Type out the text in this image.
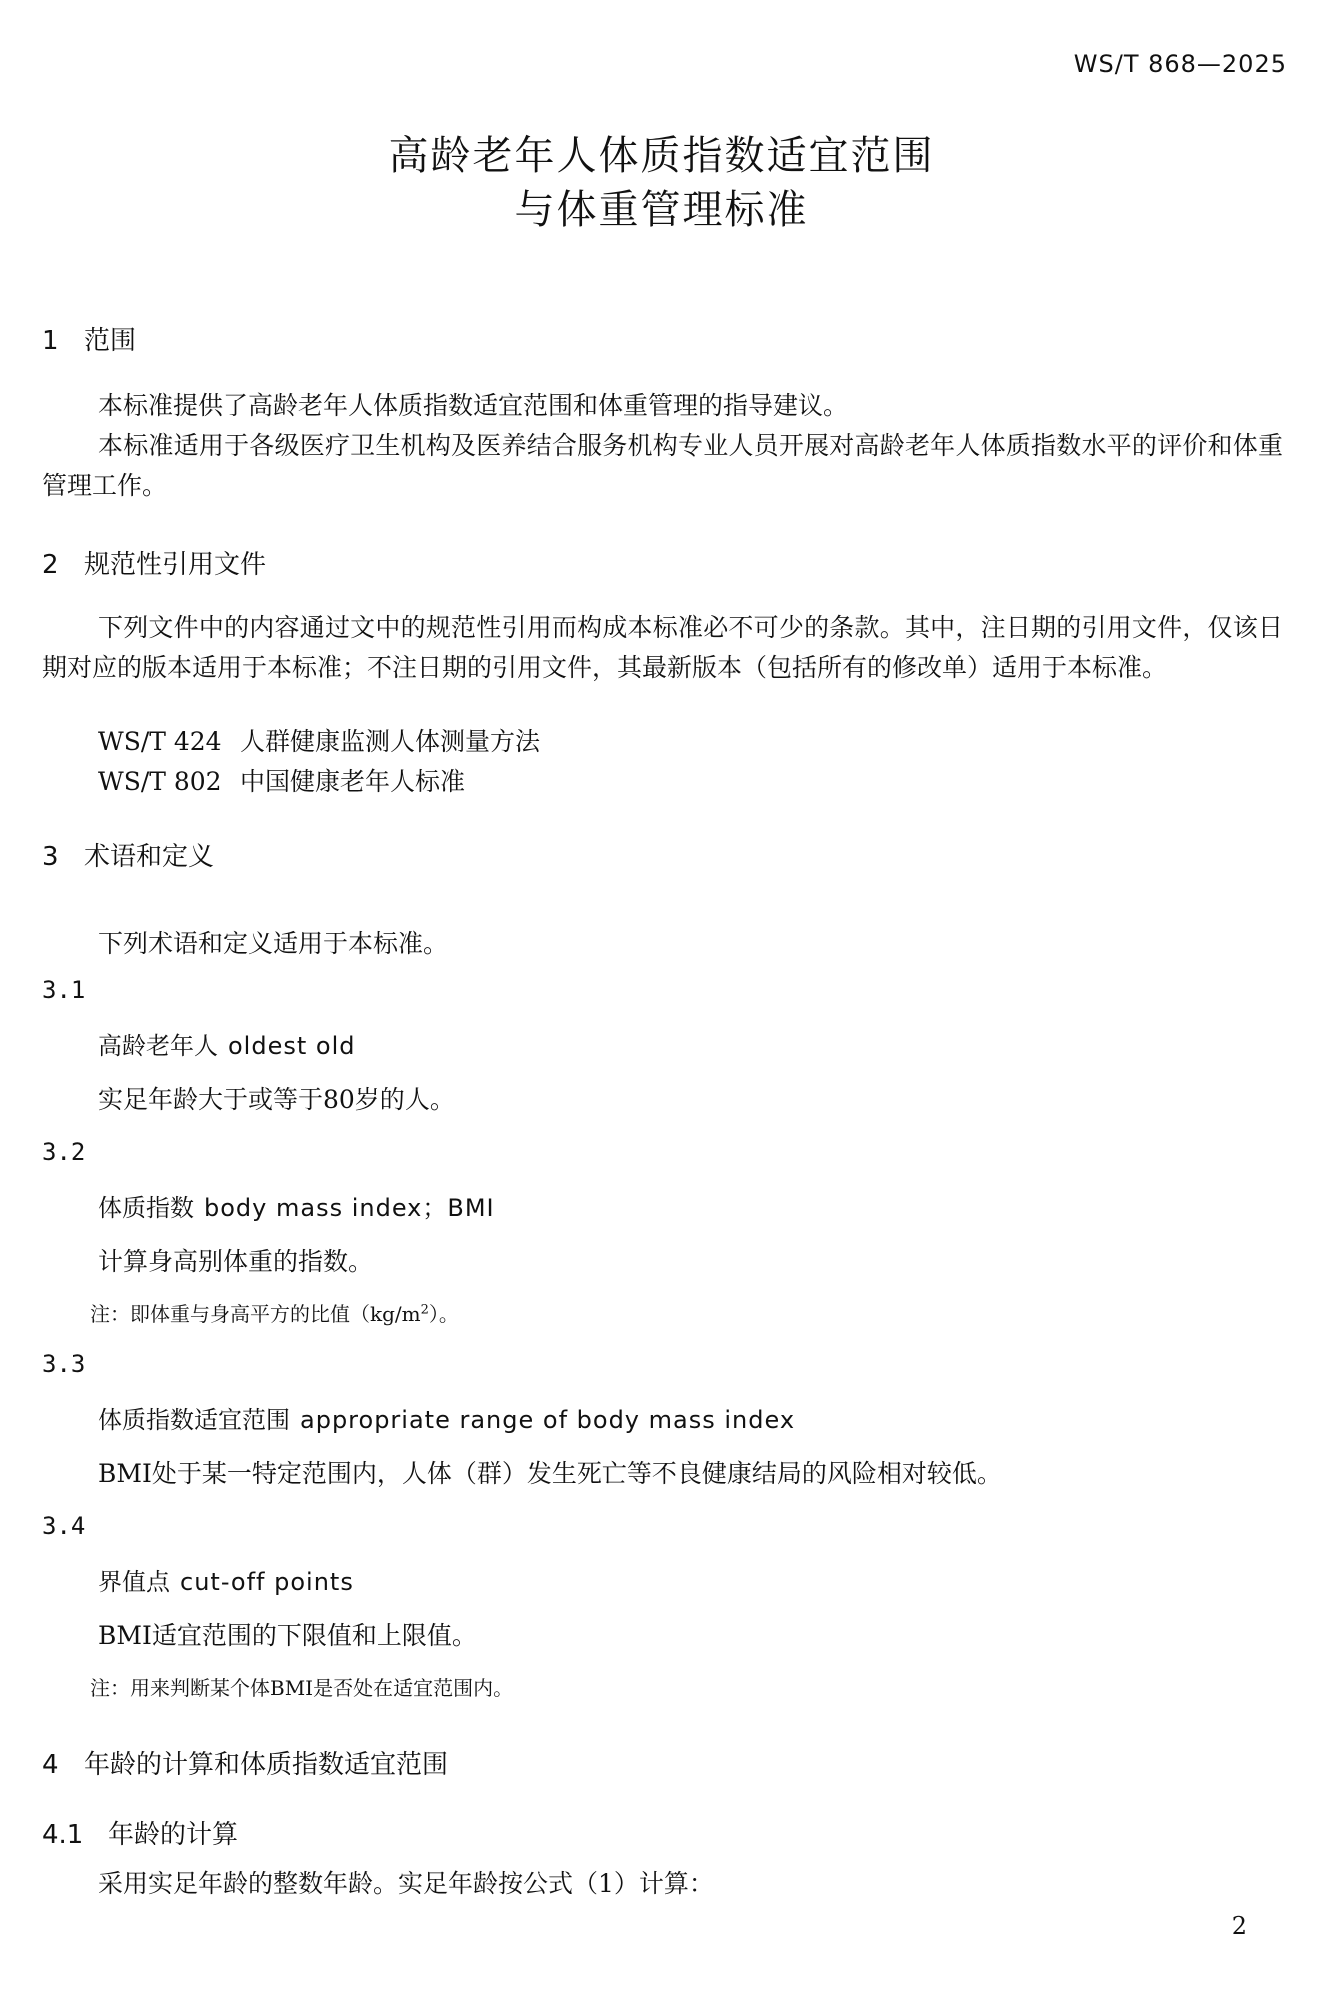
WS/T 868—2025
高龄老年人体质指数适宜范围
与体重管理标准
1 范围
本标准提供了高龄老年人体质指数适宜范围和体重管理的指导建议。
本标准适用于各级医疗卫生机构及医养结合服务机构专业人员开展对高龄老年人体质指数水平的评价和体重管理工作。
2 规范性引用文件
下列文件中的内容通过文中的规范性引用而构成本标准必不可少的条款。其中，注日期的引用文件，仅该日期对应的版本适用于本标准；不注日期的引用文件，其最新版本（包括所有的修改单）适用于本标准。
WS/T 424 人群健康监测人体测量方法
WS/T 802 中国健康老年人标准
3 术语和定义
下列术语和定义适用于本标准。
3.1
高龄老年人 oldest old
实足年龄大于或等于80岁的人。
3.2
体质指数 body mass index；BMI
计算身高别体重的指数。
注：即体重与身高平方的比值$(kg/m^2)$。
3.3
体质指数适宜范围 appropriate range of body mass index
BMI处于某一特定范围内，人体（群）发生死亡等不良健康结局的风险相对较低。
3.4
界值点 cut-off points
BMI适宜范围的下限值和上限值。
注：用来判断某个体BMI是否处在适宜范围内。
4 年龄的计算和体质指数适宜范围
4.1 年龄的计算
采用实足年龄的整数年龄。实足年龄按公式（1）计算：
2
